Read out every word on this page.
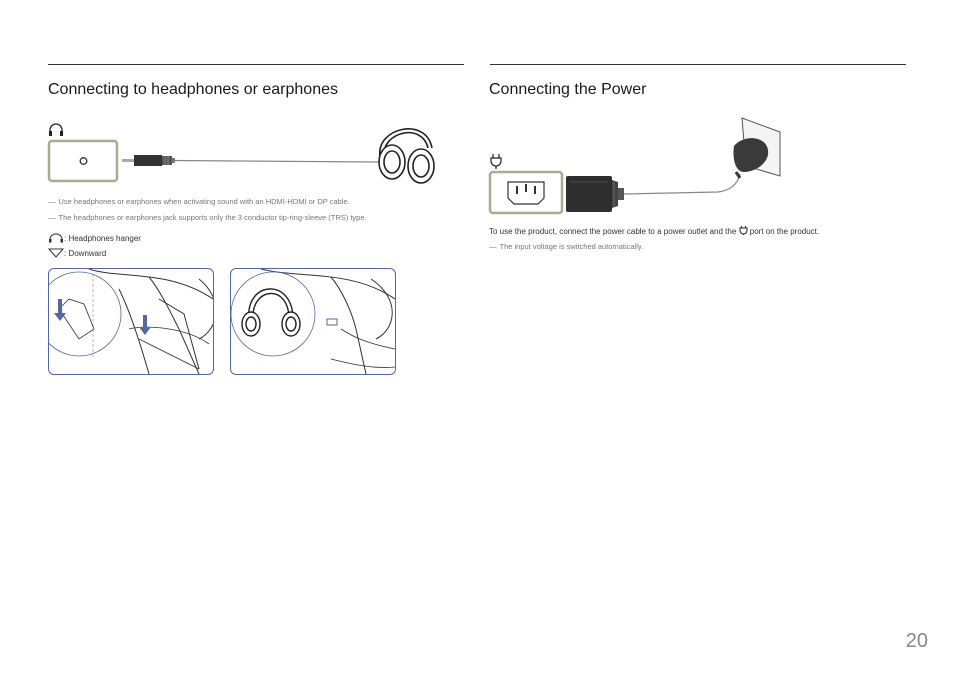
Connecting to headphones or earphones
― Use headphones or earphones when activating sound with an HDMI-HDMI or DP cable.
― The headphones or earphones jack supports only the 3 conductor tip-ring-sleeve (TRS) type.
: Headphones hanger
: Downward
Connecting the Power
To use the product, connect the power cable to a power outlet and the port on the product.
― The input voltage is switched automatically.
20
